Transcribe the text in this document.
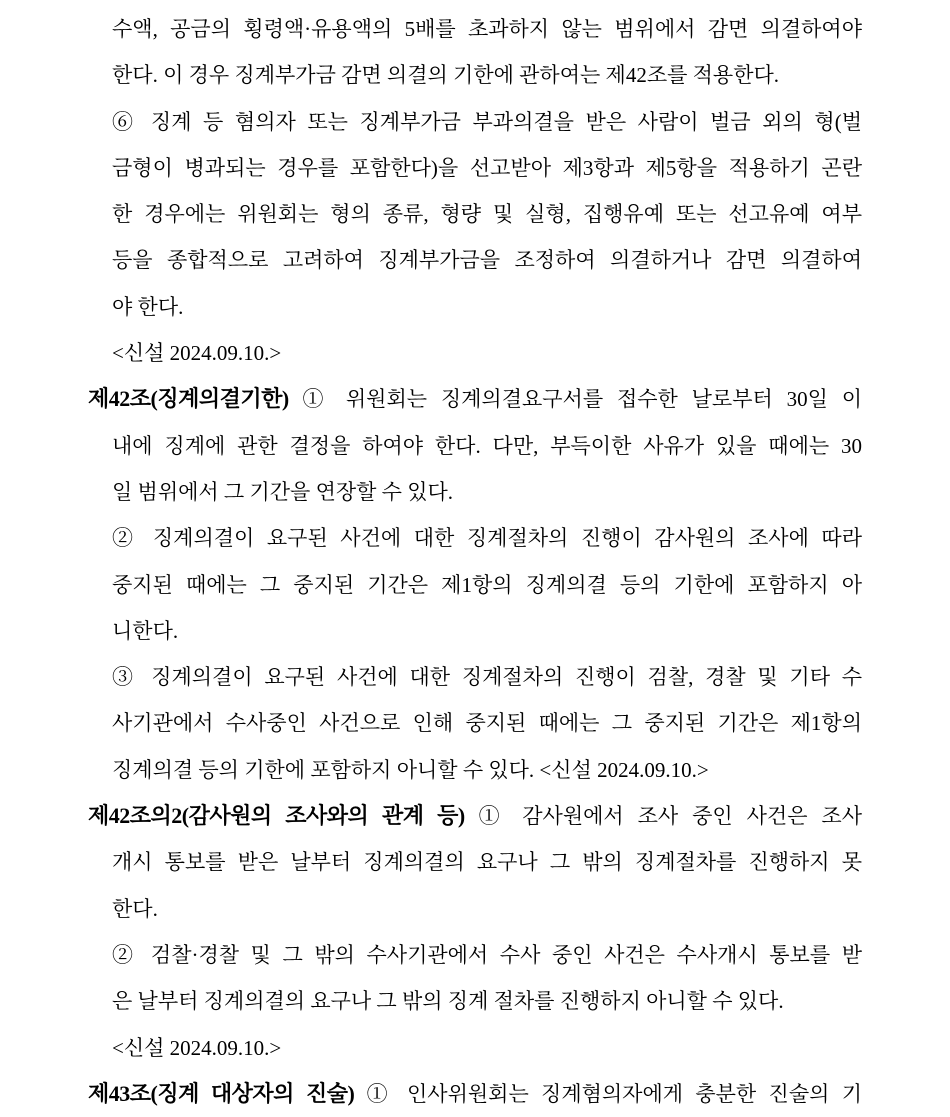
수액, 공금의 횡령액·유용액의 5배를 초과하지 않는 범위에서 감면 의결하여야
한다. 이 경우 징계부가금 감면 의결의 기한에 관하여는 제42조를 적용한다.
⑥ 징계 등 혐의자 또는 징계부가금 부과의결을 받은 사람이 벌금 외의 형(벌
금형이 병과되는 경우를 포함한다)을 선고받아 제3항과 제5항을 적용하기 곤란
한 경우에는 위원회는 형의 종류, 형량 및 실형, 집행유예 또는 선고유예 여부
등을 종합적으로 고려하여 징계부가금을 조정하여 의결하거나 감면 의결하여
야 한다.
<신설 2024.09.10.>
제42조(징계의결기한) ① 위원회는 징계의결요구서를 접수한 날로부터 30일 이
내에 징계에 관한 결정을 하여야 한다. 다만, 부득이한 사유가 있을 때에는 30
일 범위에서 그 기간을 연장할 수 있다.
② 징계의결이 요구된 사건에 대한 징계절차의 진행이 감사원의 조사에 따라
중지된 때에는 그 중지된 기간은 제1항의 징계의결 등의 기한에 포함하지 아
니한다.
③ 징계의결이 요구된 사건에 대한 징계절차의 진행이 검찰, 경찰 및 기타 수
사기관에서 수사중인 사건으로 인해 중지된 때에는 그 중지된 기간은 제1항의
징계의결 등의 기한에 포함하지 아니할 수 있다. <신설 2024.09.10.>
제42조의2(감사원의 조사와의 관계 등) ① 감사원에서 조사 중인 사건은 조사
개시 통보를 받은 날부터 징계의결의 요구나 그 밖의 징계절차를 진행하지 못
한다.
② 검찰·경찰 및 그 밖의 수사기관에서 수사 중인 사건은 수사개시 통보를 받
은 날부터 징계의결의 요구나 그 밖의 징계 절차를 진행하지 아니할 수 있다.
<신설 2024.09.10.>
제43조(징계 대상자의 진술) ① 인사위원회는 징계혐의자에게 충분한 진술의 기
